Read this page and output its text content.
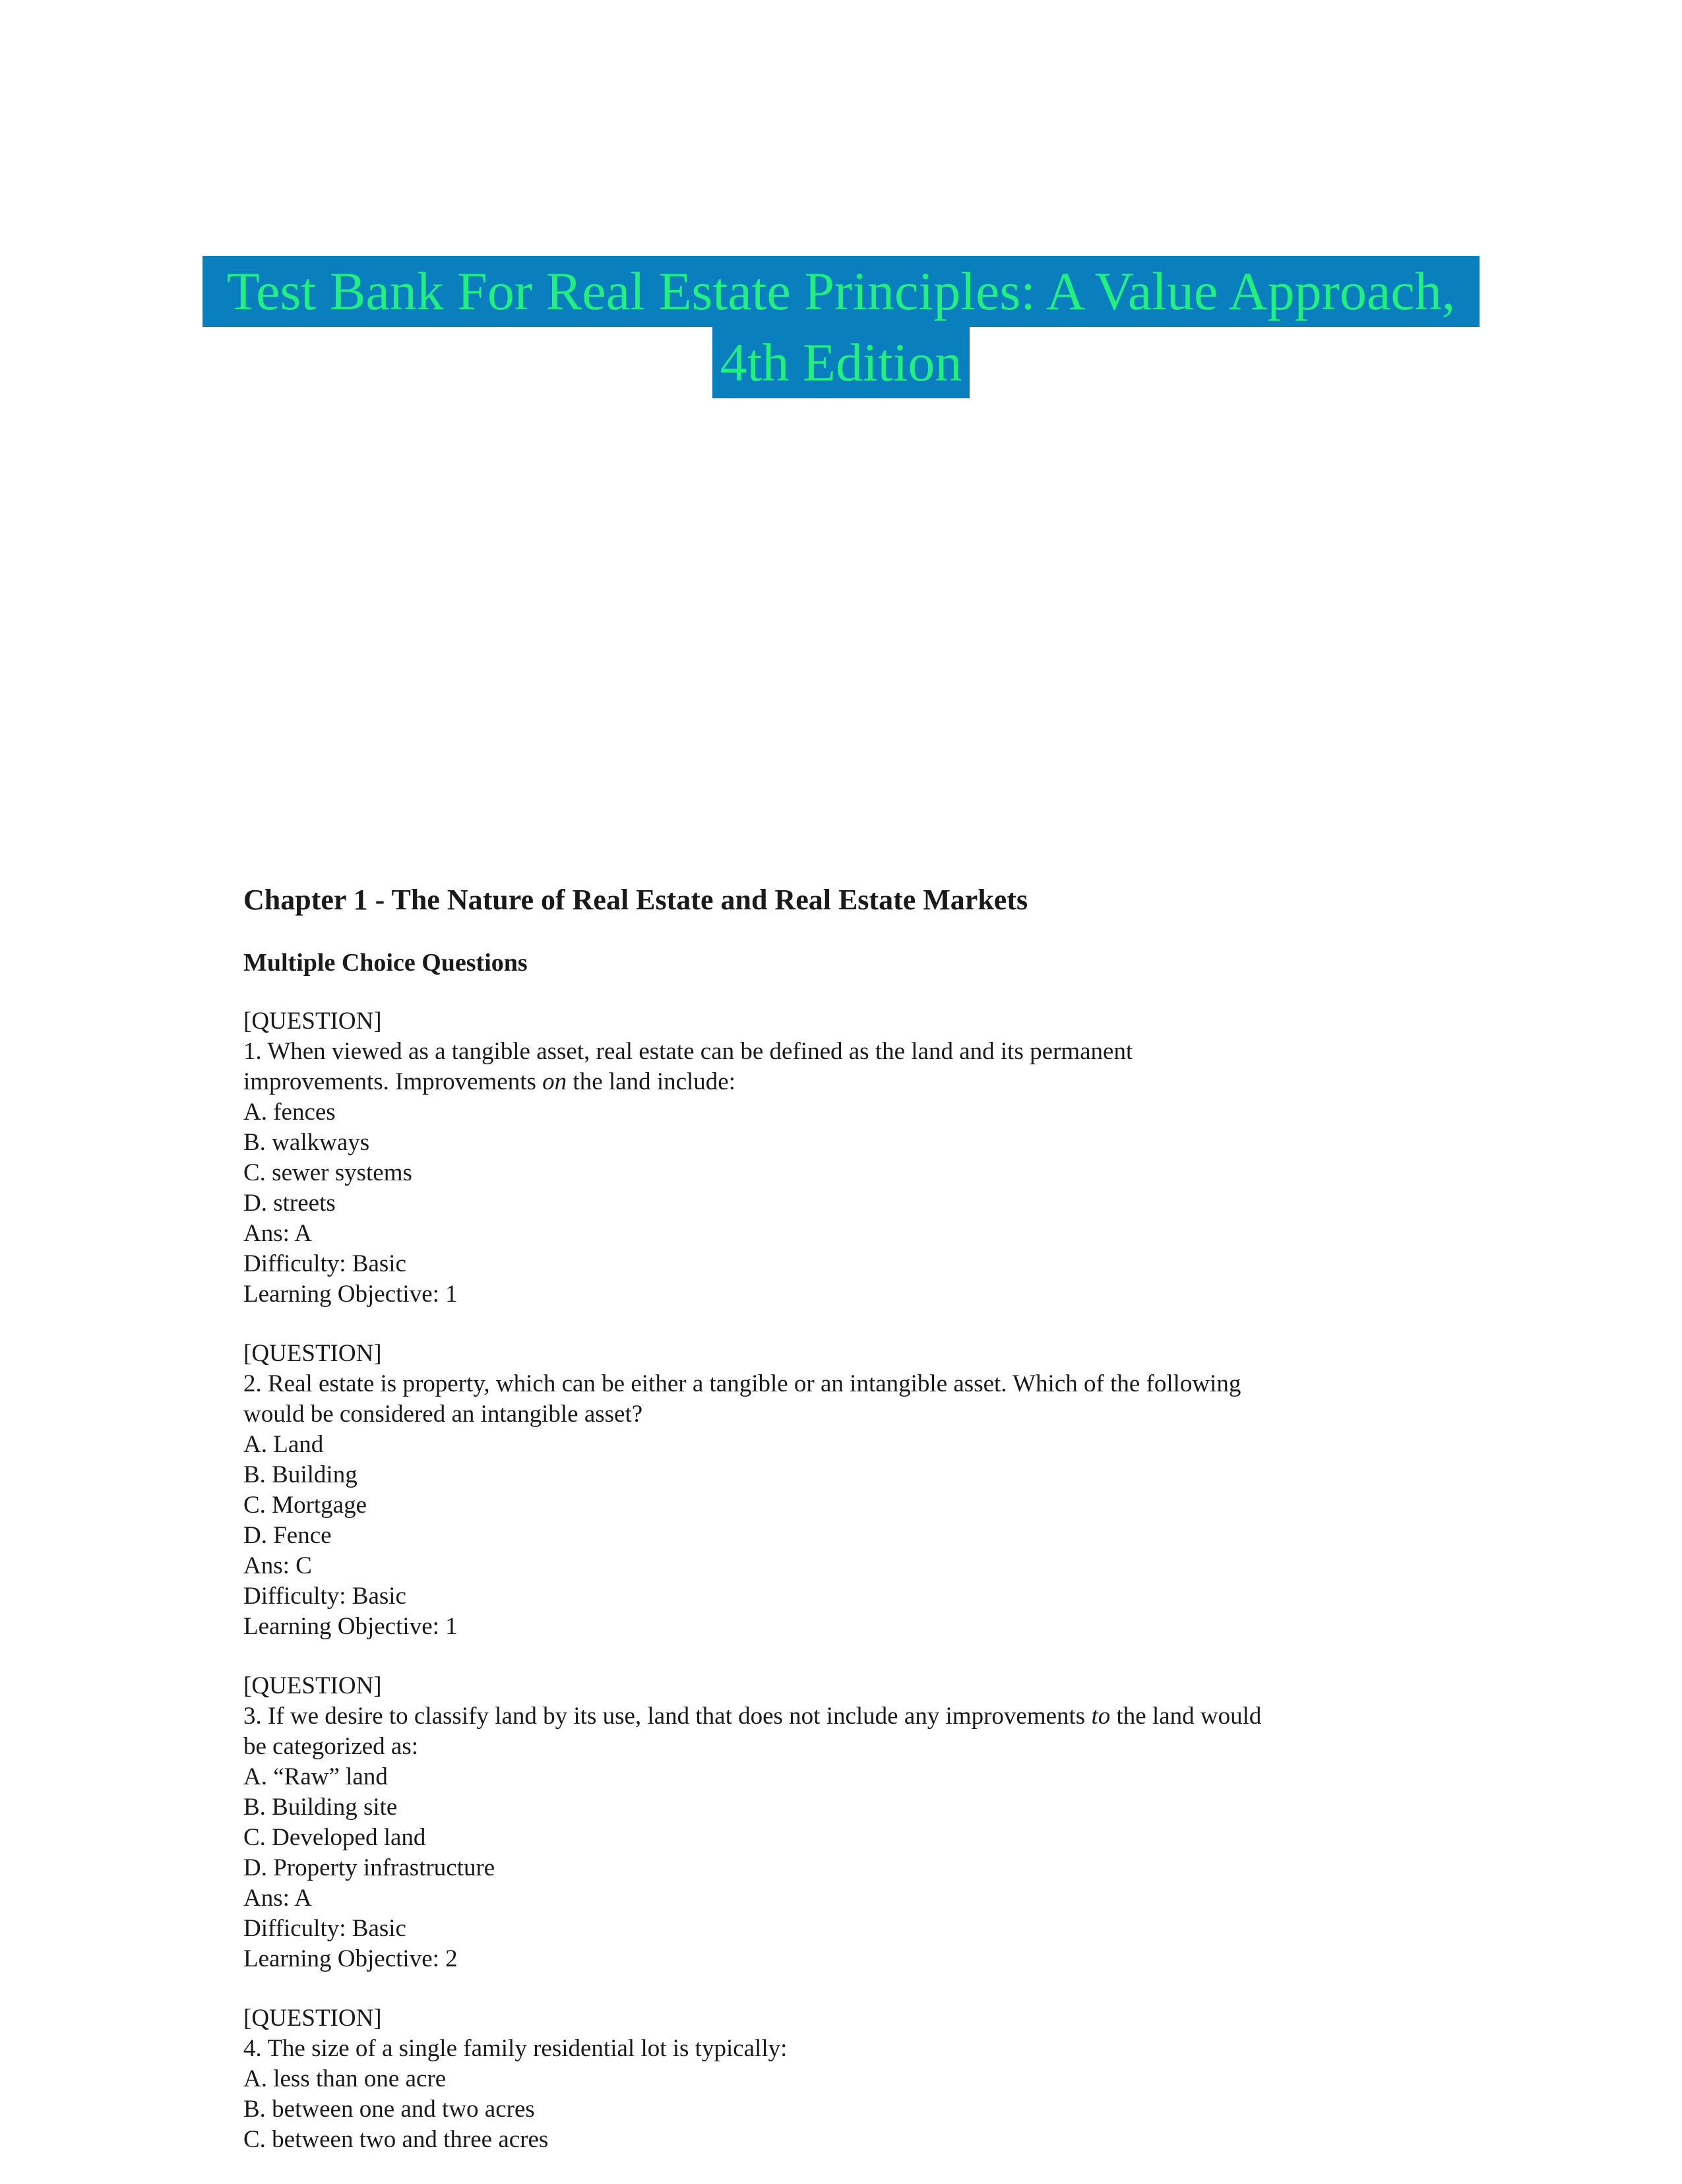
Test Bank For Real Estate Principles: A Value Approach,
4th Edition
Chapter 1 - The Nature of Real Estate and Real Estate Markets
Multiple Choice Questions
[QUESTION]
1. When viewed as a tangible asset, real estate can be defined as the land and its permanent improvements. Improvements on the land include:
A. fences
B. walkways
C. sewer systems
D. streets
Ans: A
Difficulty: Basic
Learning Objective: 1
[QUESTION]
2. Real estate is property, which can be either a tangible or an intangible asset. Which of the following would be considered an intangible asset?
A. Land
B. Building
C. Mortgage
D. Fence
Ans: C
Difficulty: Basic
Learning Objective: 1
[QUESTION]
3. If we desire to classify land by its use, land that does not include any improvements to the land would be categorized as:
A. “Raw” land
B. Building site
C. Developed land
D. Property infrastructure
Ans: A
Difficulty: Basic
Learning Objective: 2
[QUESTION]
4. The size of a single family residential lot is typically:
A. less than one acre
B. between one and two acres
C. between two and three acres
